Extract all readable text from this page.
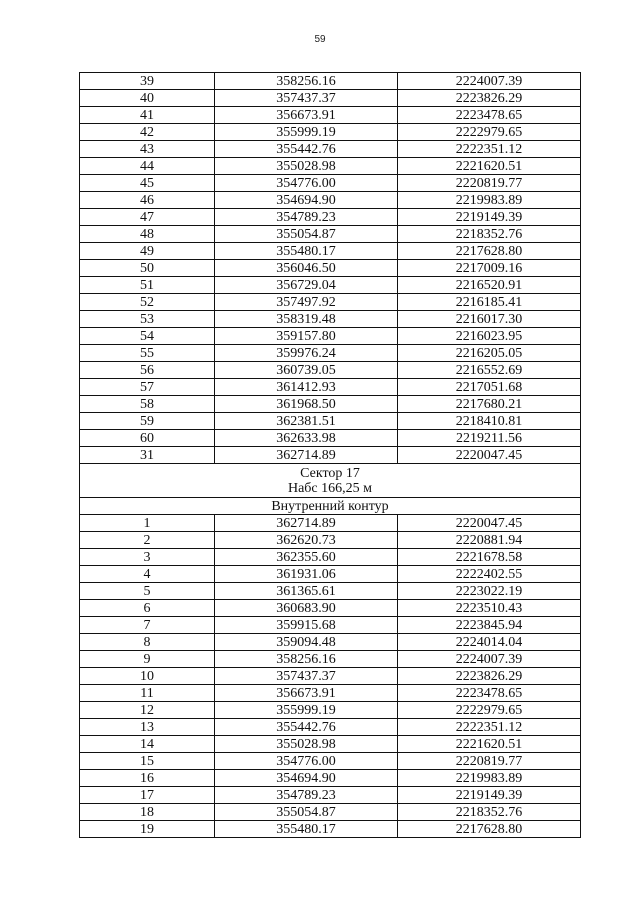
59
39	358256.16	2224007.39
40	357437.37	2223826.29
41	356673.91	2223478.65
42	355999.19	2222979.65
43	355442.76	2222351.12
44	355028.98	2221620.51
45	354776.00	2220819.77
46	354694.90	2219983.89
47	354789.23	2219149.39
48	355054.87	2218352.76
49	355480.17	2217628.80
50	356046.50	2217009.16
51	356729.04	2216520.91
52	357497.92	2216185.41
53	358319.48	2216017.30
54	359157.80	2216023.95
55	359976.24	2216205.05
56	360739.05	2216552.69
57	361412.93	2217051.68
58	361968.50	2217680.21
59	362381.51	2218410.81
60	362633.98	2219211.56
31	362714.89	2220047.45

Сектор 17
Набс 166,25 м		

Внутренний контур		
1	362714.89	2220047.45
2	362620.73	2220881.94
3	362355.60	2221678.58
4	361931.06	2222402.55
5	361365.61	2223022.19
6	360683.90	2223510.43
7	359915.68	2223845.94
8	359094.48	2224014.04
9	358256.16	2224007.39
10	357437.37	2223826.29
11	356673.91	2223478.65
12	355999.19	2222979.65
13	355442.76	2222351.12
14	355028.98	2221620.51
15	354776.00	2220819.77
16	354694.90	2219983.89
17	354789.23	2219149.39
18	355054.87	2218352.76
19	355480.17	2217628.80
